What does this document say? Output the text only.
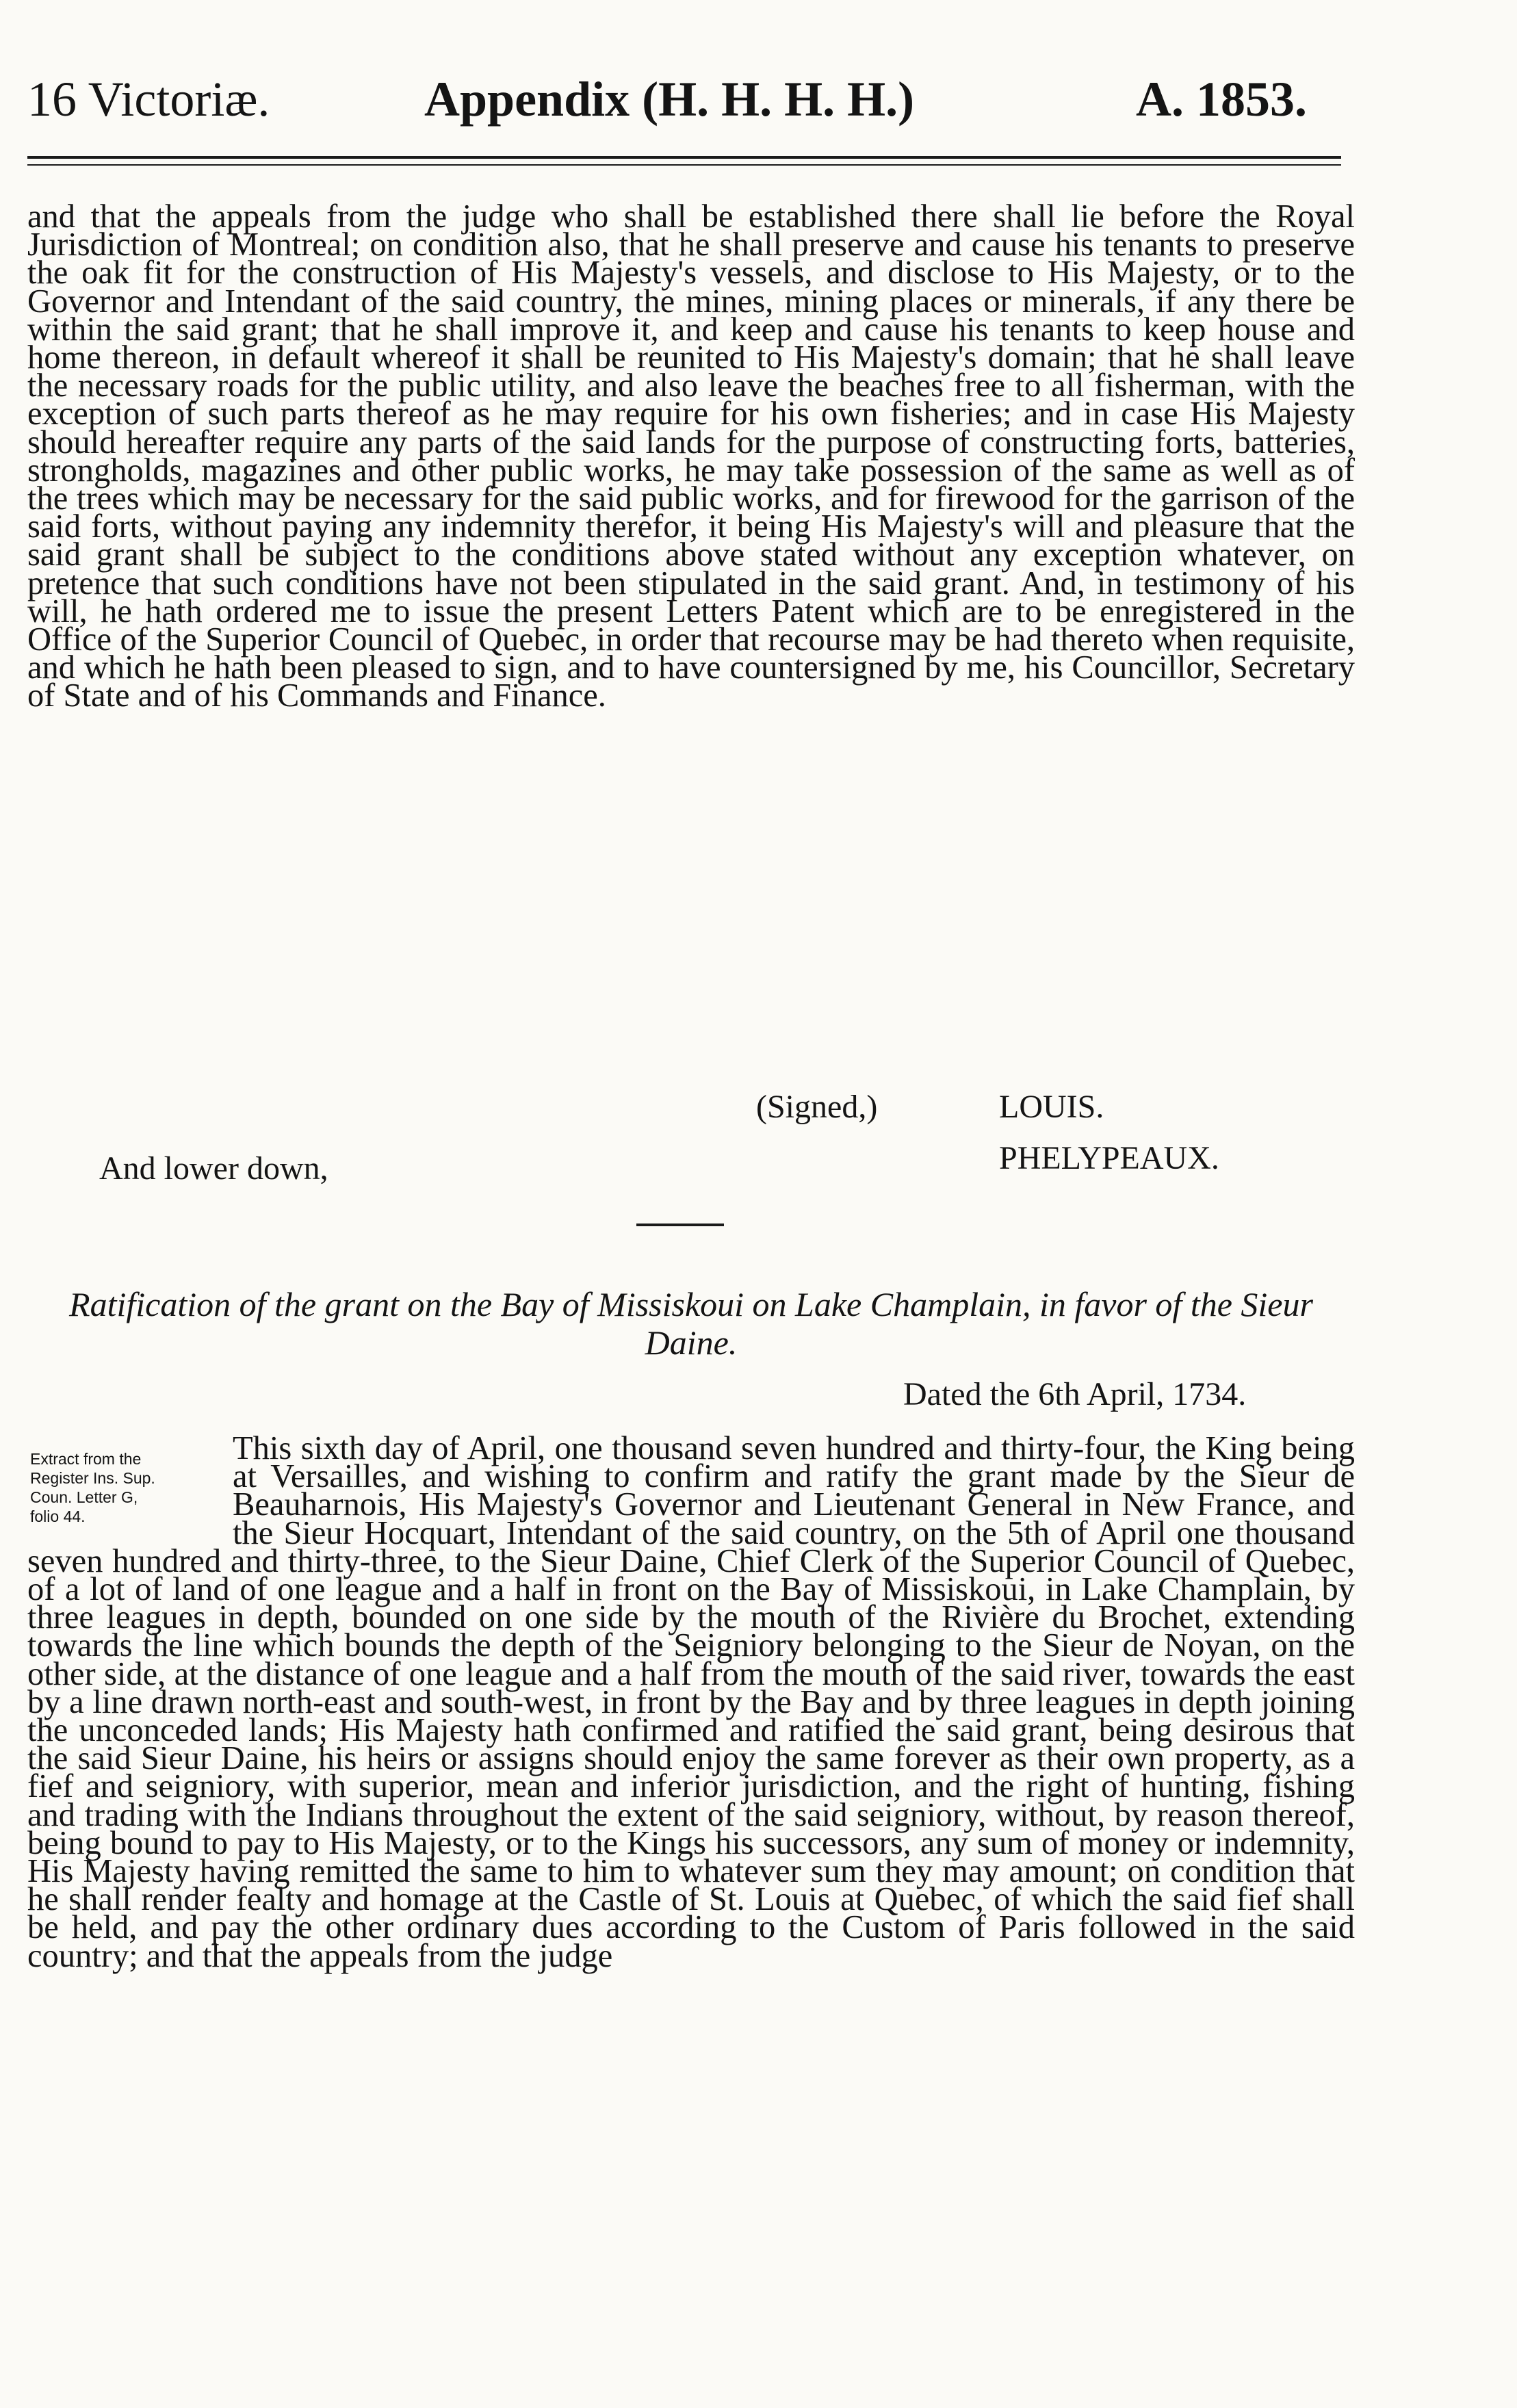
16 Victoriæ.	Appendix (H. H. H. H.)	A. 1853.

and that the appeals from the judge who shall be established there shall lie before the Royal Jurisdiction of Montreal; on condition also, that he shall preserve and cause his tenants to preserve the oak fit for the construction of His Majesty's vessels, and disclose to His Majesty, or to the Governor and Intendant of the said country, the mines, mining places or minerals, if any there be within the said grant; that he shall improve it, and keep and cause his tenants to keep house and home thereon, in default whereof it shall be reunited to His Majesty's domain; that he shall leave the necessary roads for the public utility, and also leave the beaches free to all fisherman, with the exception of such parts thereof as he may require for his own fisheries; and in case His Majesty should hereafter require any parts of the said lands for the purpose of constructing forts, batteries, strongholds, magazines and other public works, he may take possession of the same as well as of the trees which may be necessary for the said public works, and for firewood for the garrison of the said forts, without paying any indemnity therefor, it being His Majesty's will and pleasure that the said grant shall be subject to the conditions above stated without any exception whatever, on pretence that such conditions have not been stipulated in the said grant. And, in testimony of his will, he hath ordered me to issue the present Letters Patent which are to be enregistered in the Office of the Superior Council of Quebec, in order that recourse may be had thereto when requisite, and which he hath been pleased to sign, and to have countersigned by me, his Councillor, Secretary of State and of his Commands and Finance.

(Signed,)	LOUIS.
PHELYPEAUX.
And lower down,
Ratification of the grant on the Bay of Missiskoui on Lake Champlain, in favor of the Sieur Daine.
Dated the 6th April, 1734.
Extract from the
Register Ins. Sup.
Coun. Letter G,
folio 44.
This sixth day of April, one thousand seven hundred and thirty-four, the King being at Versailles, and wishing to confirm and ratify the grant made by the Sieur de Beauharnois, His Majesty's Governor and Lieutenant General in New France, and the Sieur Hocquart, Intendant of the said country, on the 5th of April one thousand seven hundred and thirty-three, to the Sieur Daine, Chief Clerk of the Superior Council of Quebec, of a lot of land of one league and a half in front on the Bay of Missiskoui, in Lake Champlain, by three leagues in depth, bounded on one side by the mouth of the Rivière du Brochet, extending towards the line which bounds the depth of the Seigniory belonging to the Sieur de Noyan, on the other side, at the distance of one league and a half from the mouth of the said river, towards the east by a line drawn north-east and south-west, in front by the Bay and by three leagues in depth joining the unconceded lands; His Majesty hath confirmed and ratified the said grant, being desirous that the said Sieur Daine, his heirs or assigns should enjoy the same forever as their own property, as a fief and seigniory, with superior, mean and inferior jurisdiction, and the right of hunting, fishing and trading with the Indians throughout the extent of the said seigniory, without, by reason thereof, being bound to pay to His Majesty, or to the Kings his successors, any sum of money or indemnity, His Majesty having remitted the same to him to whatever sum they may amount; on condition that he shall render fealty and homage at the Castle of St. Louis at Quebec, of which the said fief shall be held, and pay the other ordinary dues according to the Custom of Paris followed in the said country; and that the appeals from the judge
